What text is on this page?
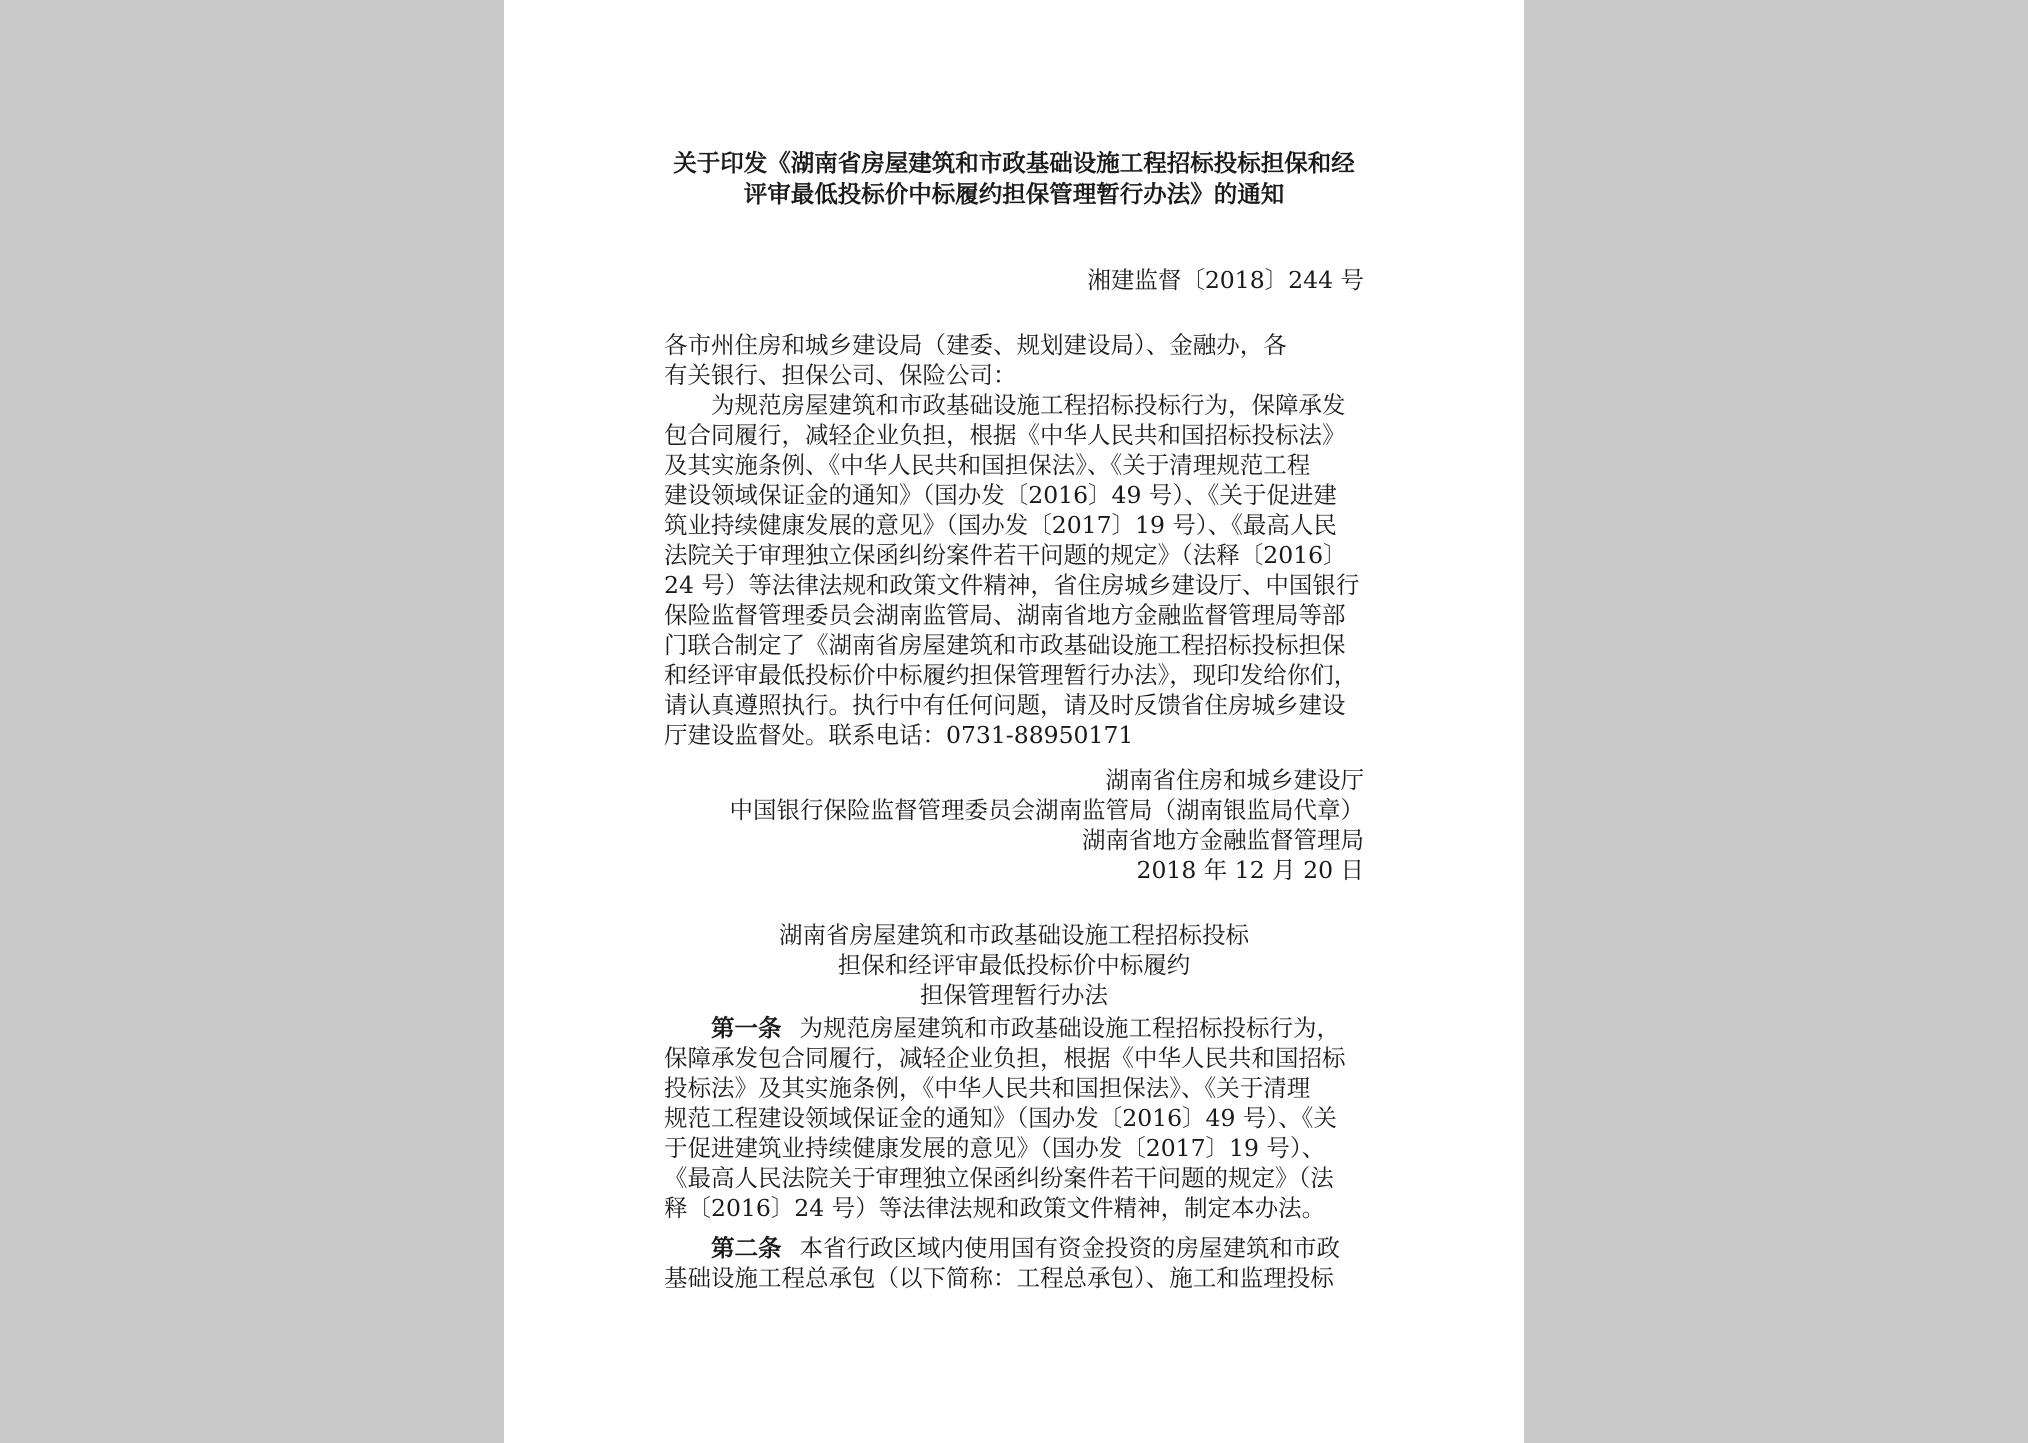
关于印发《湖南省房屋建筑和市政基础设施工程招标投标担保和经
评审最低投标价中标履约担保管理暂行办法》的通知
湘建监督〔2018〕244 号
各市州住房和城乡建设局（建委、规划建设局）、金融办，各
有关银行、担保公司、保险公司：
为规范房屋建筑和市政基础设施工程招标投标行为，保障承发
包合同履行，减轻企业负担，根据《中华人民共和国招标投标法》
及其实施条例、《中华人民共和国担保法》、《关于清理规范工程
建设领域保证金的通知》（国办发〔2016〕49 号）、《关于促进建
筑业持续健康发展的意见》（国办发〔2017〕19 号）、《最高人民
法院关于审理独立保函纠纷案件若干问题的规定》（法释〔2016〕
24 号）等法律法规和政策文件精神，省住房城乡建设厅、中国银行
保险监督管理委员会湖南监管局、湖南省地方金融监督管理局等部
门联合制定了《湖南省房屋建筑和市政基础设施工程招标投标担保
和经评审最低投标价中标履约担保管理暂行办法》，现印发给你们，
请认真遵照执行。执行中有任何问题，请及时反馈省住房城乡建设
厅建设监督处。联系电话：0731-88950171
湖南省住房和城乡建设厅
中国银行保险监督管理委员会湖南监管局（湖南银监局代章）
湖南省地方金融监督管理局
2018 年 12 月 20 日
湖南省房屋建筑和市政基础设施工程招标投标
担保和经评审最低投标价中标履约
担保管理暂行办法
第一条 为规范房屋建筑和市政基础设施工程招标投标行为，
保障承发包合同履行，减轻企业负担，根据《中华人民共和国招标
投标法》及其实施条例，《中华人民共和国担保法》、《关于清理
规范工程建设领域保证金的通知》（国办发〔2016〕49 号）、《关
于促进建筑业持续健康发展的意见》（国办发〔2017〕19 号）、
《最高人民法院关于审理独立保函纠纷案件若干问题的规定》（法
释〔2016〕24 号）等法律法规和政策文件精神，制定本办法。
第二条 本省行政区域内使用国有资金投资的房屋建筑和市政
基础设施工程总承包（以下简称：工程总承包）、施工和监理投标
